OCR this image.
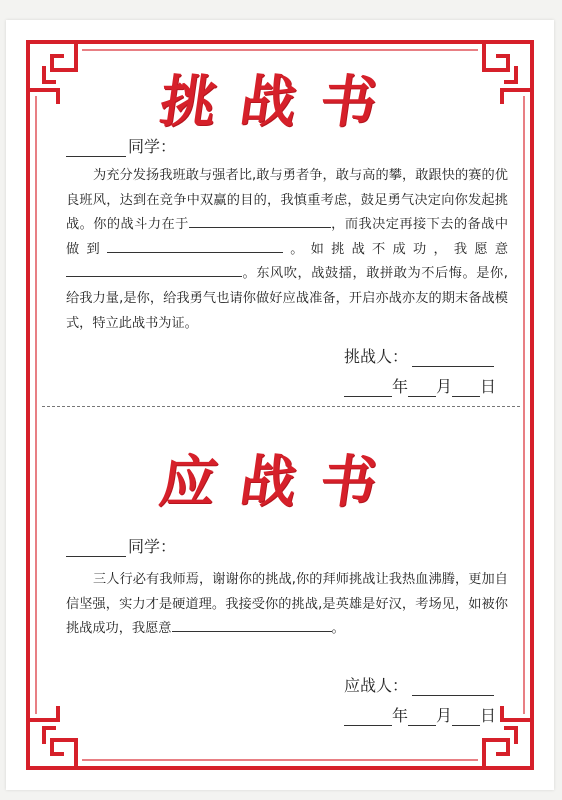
挑战书
同学：
为充分发扬我班敢与强者比,敢与勇者争，敢与高的攀，敢跟快的赛的优良班风，达到在竞争中双赢的目的，我慎重考虑，鼓足勇气决定向你发起挑战。你的战斗力在于	，而我决定再接下去的备战中做到	。如挑战不成功，我愿意。东风吹，战鼓擂，敢拼敢为不后悔。是你,给我力量,是你，给我勇气也请你做好应战准备，开启亦战亦友的期末备战模式，特立此战书为证。
挑战人：
年 月 日
应战书
同学：
三人行必有我师焉，谢谢你的挑战,你的拜师挑战让我热血沸腾，更加自信坚强，实力才是硬道理。我接受你的挑战,是英雄是好汉，考场见，如被你挑战成功，我愿意	。
应战人：
年 月 日
